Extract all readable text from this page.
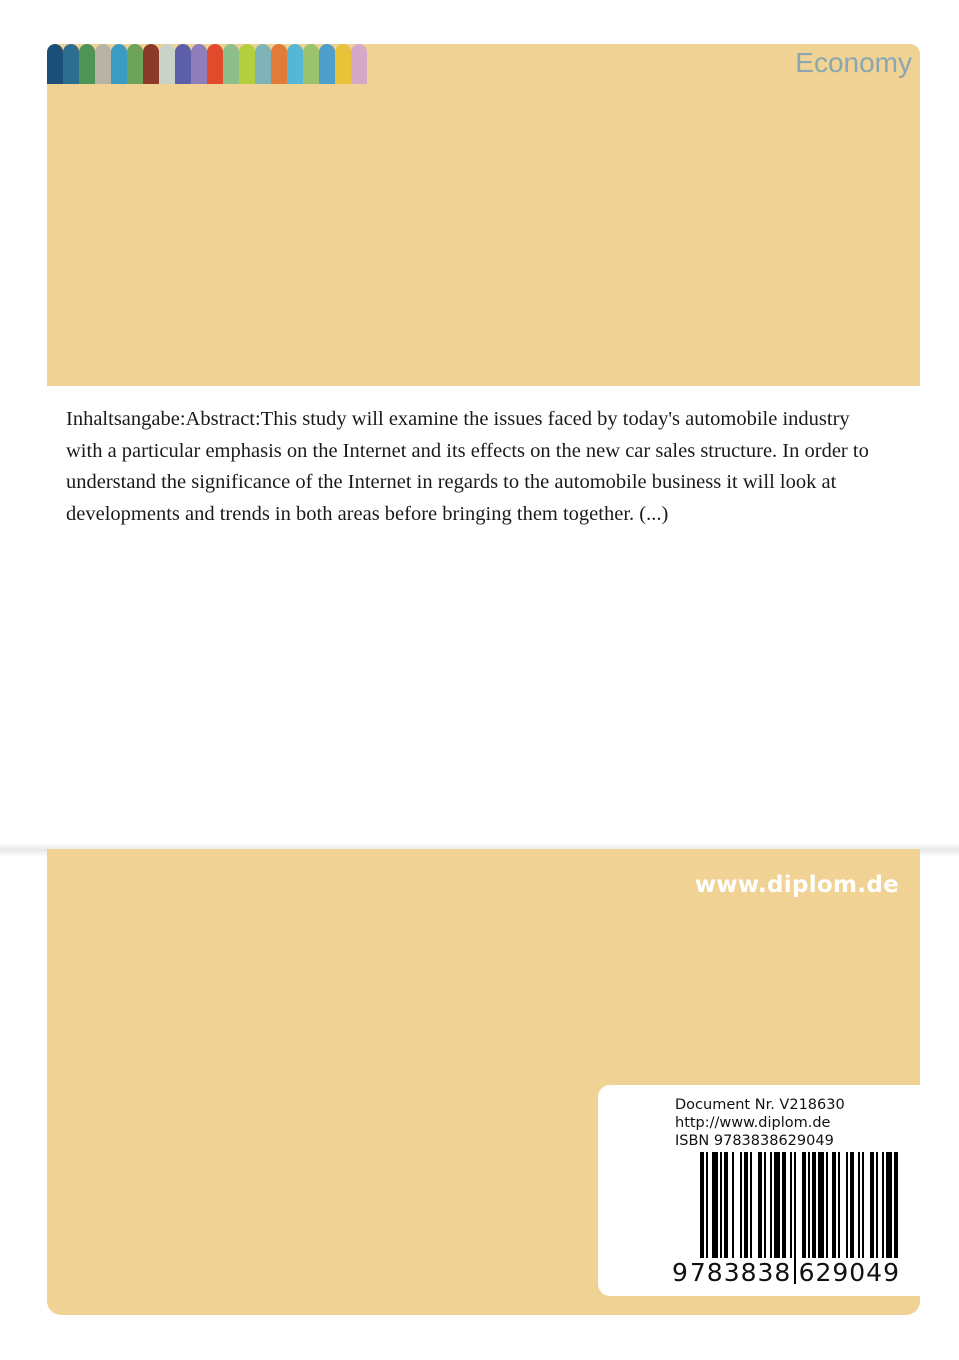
Economy
Inhaltsangabe:Abstract:This study will examine the issues faced by today's automobile industry with a particular emphasis on the Internet and its effects on the new car sales structure. In order to understand the significance of the Internet in regards to the automobile business it will look at developments and trends in both areas before bringing them together. (...)
www.diplom.de
Document Nr. V218630
http://www.diplom.de
ISBN 9783838629049
9 783838 629049
